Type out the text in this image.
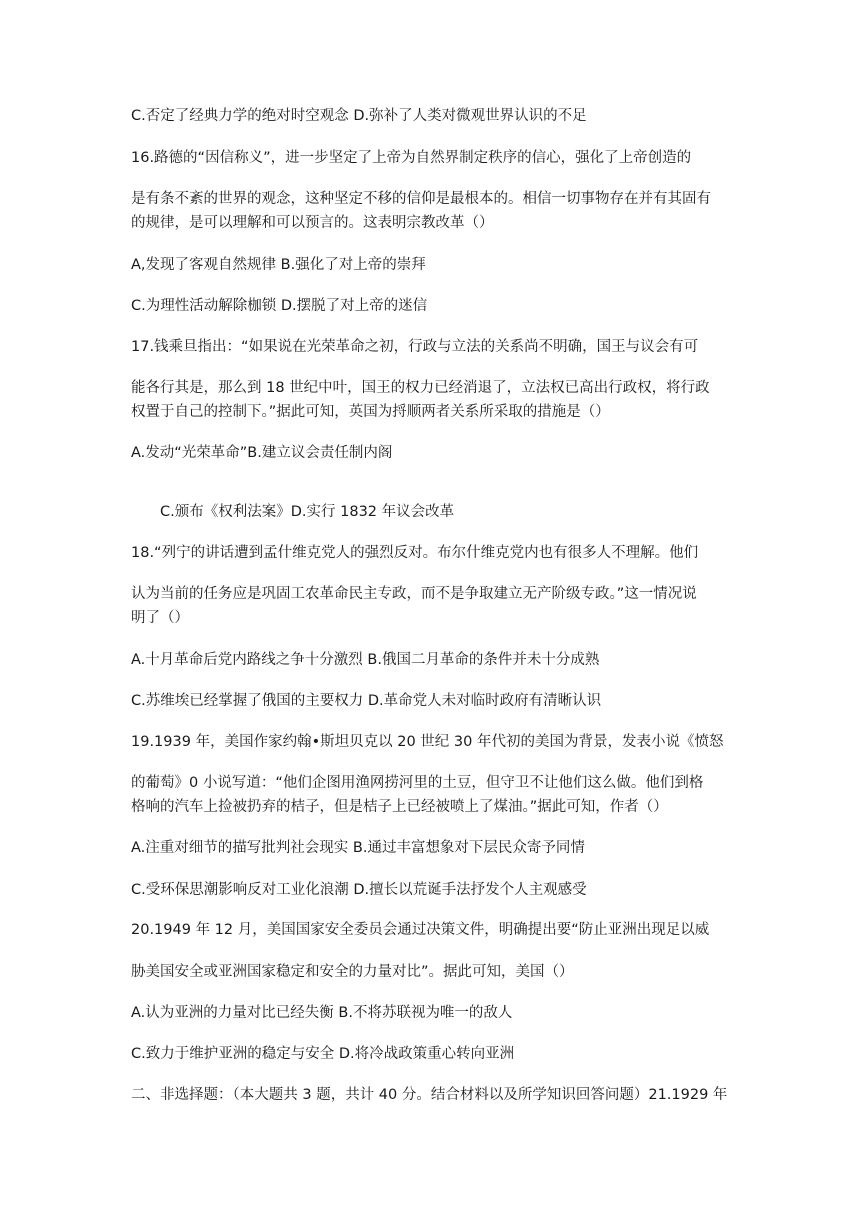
C.否定了经典力学的绝对时空观念 D.弥补了人类对微观世界认识的不足
16.路德的“因信称义”，进一步坚定了上帝为自然界制定秩序的信心，强化了上帝创造的
是有条不紊的世界的观念，这种坚定不移的信仰是最根本的。相信一切事物存在并有其固有
的规律，是可以理解和可以预言的。这表明宗教改革（）
A,发现了客观自然规律 B.强化了对上帝的崇拜
C.为理性活动解除枷锁 D.摆脱了对上帝的迷信
17.钱乘旦指出：“如果说在光荣革命之初，行政与立法的关系尚不明确，国王与议会有可
能各行其是，那么到 18 世纪中叶，国王的权力已经消退了，立法权已高出行政权，将行政
权置于自己的控制下。”据此可知，英国为捋顺两者关系所采取的措施是（）
A.发动“光荣革命”B.建立议会责任制内阁
C.颁布《权利法案》D.实行 1832 年议会改革
18.“列宁的讲话遭到孟什维克党人的强烈反对。布尔什维克党内也有很多人不理解。他们
认为当前的任务应是巩固工农革命民主专政，而不是争取建立无产阶级专政。”这一情况说
明了（）
A.十月革命后党内路线之争十分激烈 B.俄国二月革命的条件并未十分成熟
C.苏维埃已经掌握了俄国的主要权力 D.革命党人未对临时政府有清晰认识
19.1939 年，美国作家约翰•斯坦贝克以 20 世纪 30 年代初的美国为背景，发表小说《愤怒
的葡萄》0 小说写道：“他们企图用渔网捞河里的土豆，但守卫不让他们这么做。他们到格
格响的汽车上捡被扔弃的桔子，但是桔子上已经被喷上了煤油。”据此可知，作者（）
A.注重对细节的描写批判社会现实 B.通过丰富想象对下层民众寄予同情
C.受环保思潮影响反对工业化浪潮 D.擅长以荒诞手法抒发个人主观感受
20.1949 年 12 月，美国国家安全委员会通过决策文件，明确提出要“防止亚洲出现足以威
胁美国安全或亚洲国家稳定和安全的力量对比”。据此可知，美国（）
A.认为亚洲的力量对比已经失衡 B.不将苏联视为唯一的敌人
C.致力于维护亚洲的稳定与安全 D.将冷战政策重心转向亚洲
二、非选择题：（本大题共 3 题，共计 40 分。结合材料以及所学知识回答问题）21.1929 年
